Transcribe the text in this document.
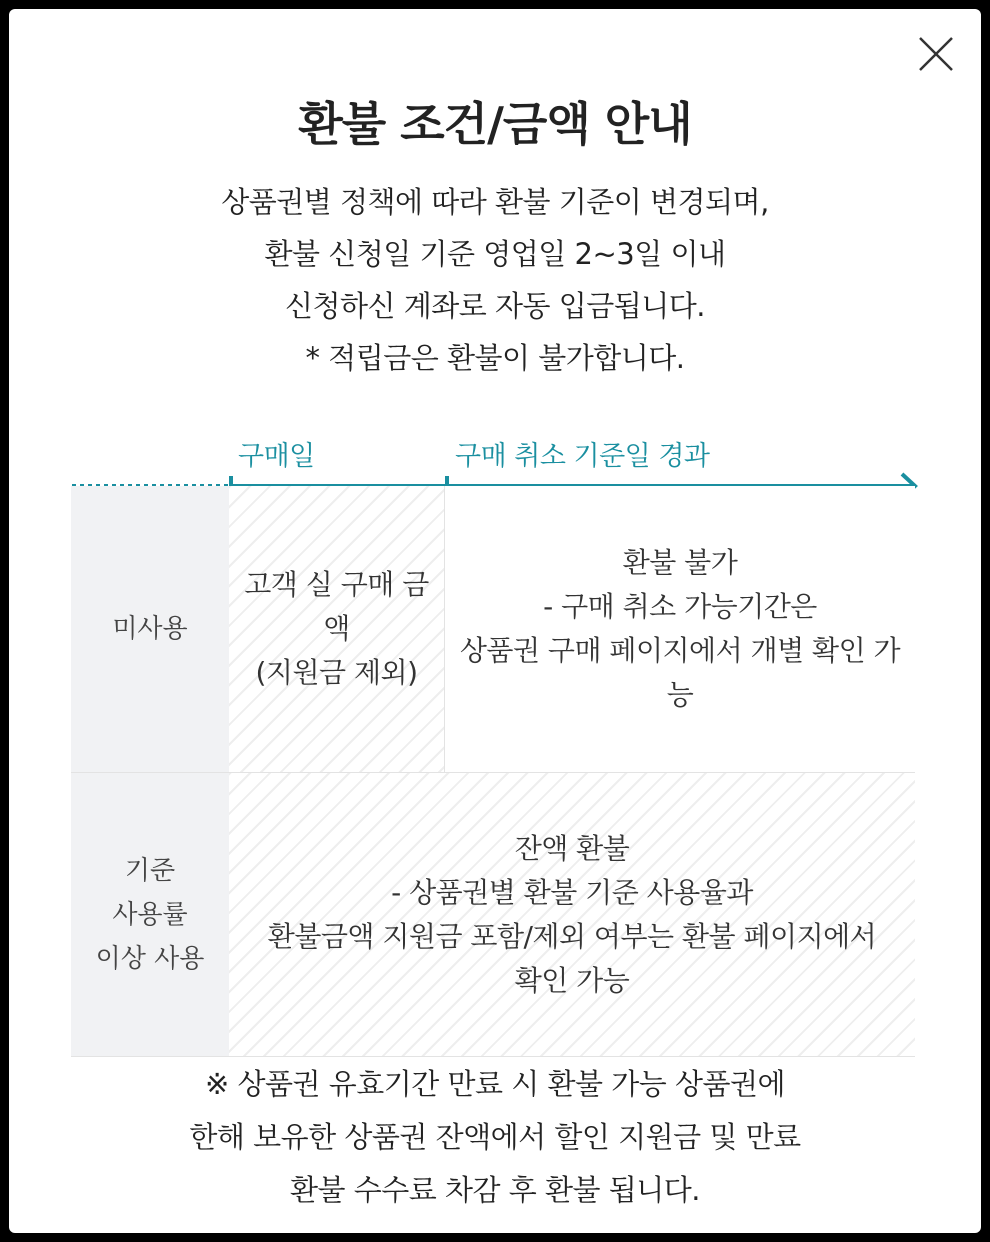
환불 조건/금액 안내
상품권별 정책에 따라 환불 기준이 변경되며,
환불 신청일 기준 영업일 2~3일 이내
신청하신 계좌로 자동 입금됩니다.
* 적립금은 환불이 불가합니다.
구매일	구매 취소 기준일 경과
미사용
고객 실 구매 금
액
(지원금 제외)
환불 불가
- 구매 취소 가능기간은
상품권 구매 페이지에서 개별 확인 가
능
기준
사용률
이상 사용
잔액 환불
- 상품권별 환불 기준 사용율과
환불금액 지원금 포함/제외 여부는 환불 페이지에서
확인 가능
※ 상품권 유효기간 만료 시 환불 가능 상품권에
한해 보유한 상품권 잔액에서 할인 지원금 및 만료
환불 수수료 차감 후 환불 됩니다.
